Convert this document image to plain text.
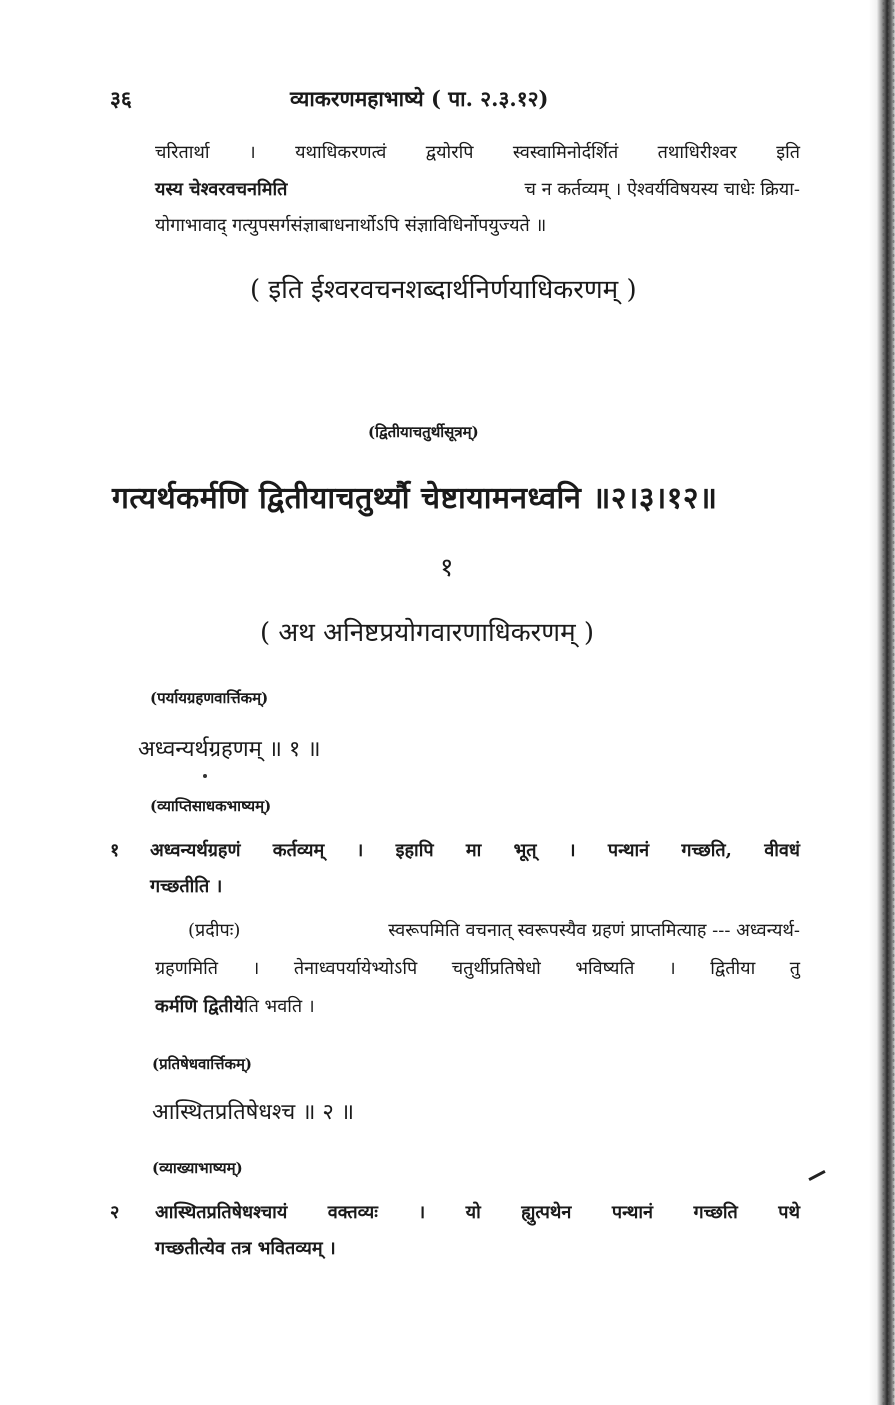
३६	व्याकरणमहाभाष्ये ( पा. २.३.१२)
चरितार्था । यथाधिकरणत्वं द्वयोरपि स्वस्वामिनोर्दर्शितं तथाधिरीश्वर इति
यस्य चेश्वरवचनमिति	च न कर्तव्यम् । ऐश्वर्यविषयस्य चाधेः क्रिया-
योगाभावाद् गत्युपसर्गसंज्ञाबाधनार्थोऽपि संज्ञाविधिर्नोपयुज्यते ॥
( इति ईश्वरवचनशब्दार्थनिर्णयाधिकरणम् )
(द्वितीयाचतुर्थीसूत्रम्)
गत्यर्थकर्मणि द्वितीयाचतुर्थ्यौ चेष्टायामनध्वनि ॥२।३।१२॥
१
( अथ अनिष्टप्रयोगवारणाधिकरणम् )
(पर्यायग्रहणवार्त्तिकम्)
अध्वन्यर्थग्रहणम् ॥ १ ॥
(व्याप्तिसाधकभाष्यम्)
१ अध्वन्यर्थग्रहणं कर्तव्यम् । इहापि मा भूत् । पन्थानं गच्छति, वीवधं
गच्छतीति ।
(प्रदीपः)	स्वरूपमिति वचनात् स्वरूपस्यैव ग्रहणं प्राप्तमित्याह --- अध्वन्यर्थ-
ग्रहणमिति । तेनाध्वपर्यायेभ्योऽपि चतुर्थीप्रतिषेधो भविष्यति । द्वितीया तु
कर्मणि द्वितीयेति भवति ।
(प्रतिषेधवार्त्तिकम्)
आस्थितप्रतिषेधश्च ॥ २ ॥
(व्याख्याभाष्यम्)
२ आस्थितप्रतिषेधश्चायं वक्तव्यः । यो ह्युत्पथेन पन्थानं गच्छति पथे
गच्छतीत्येव तत्र भवितव्यम् ।
